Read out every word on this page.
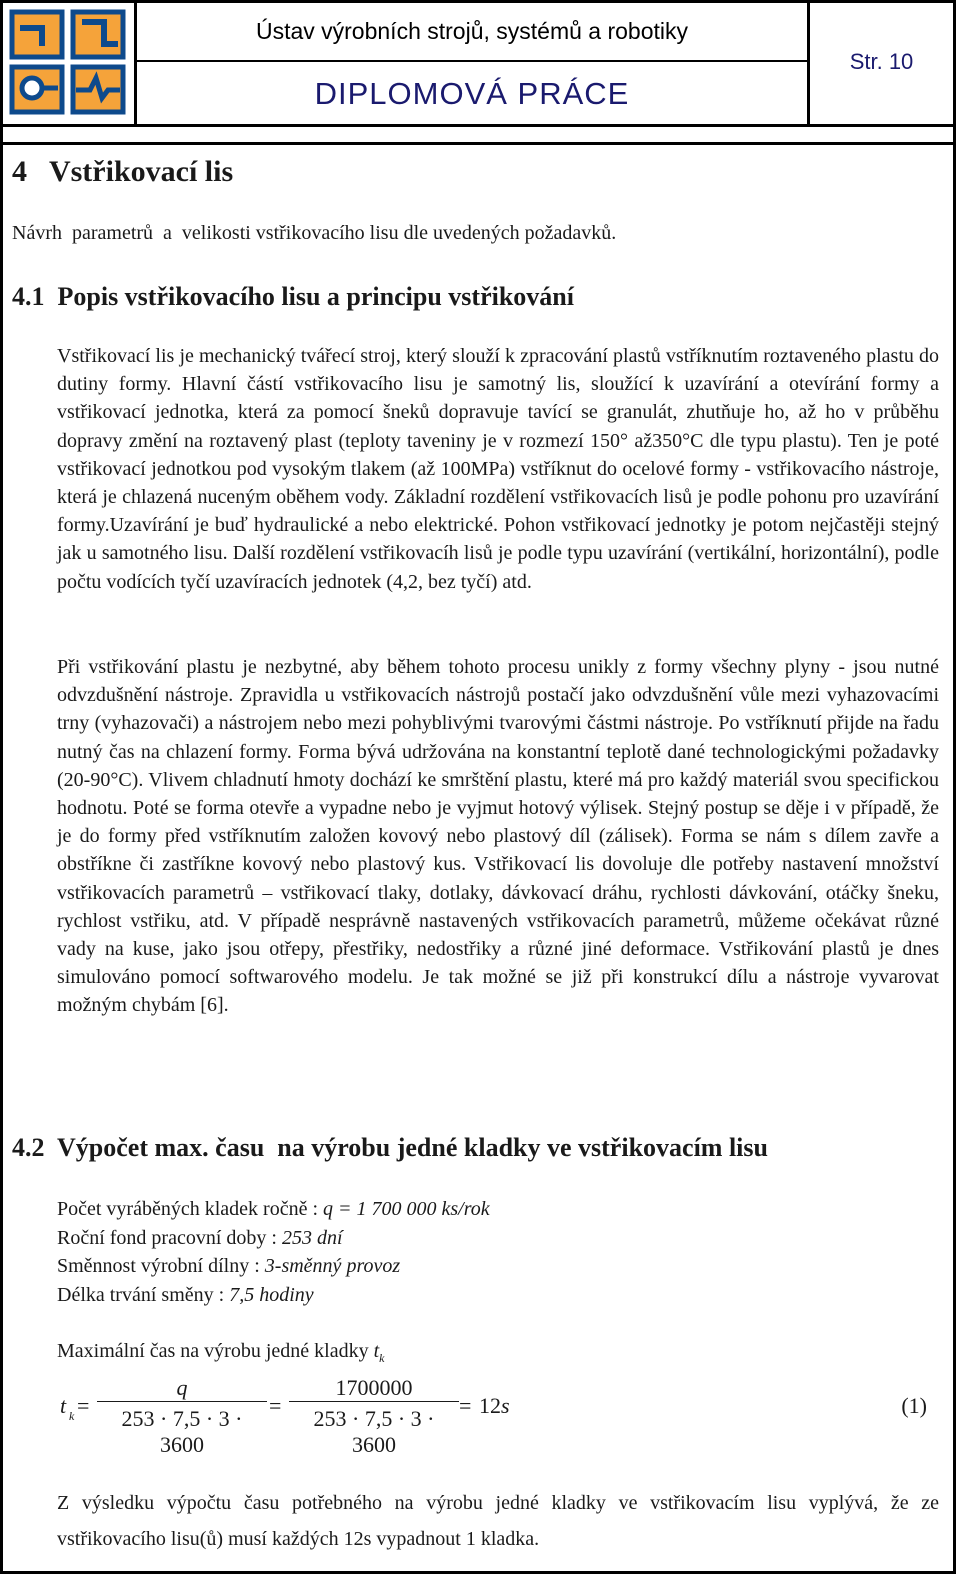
Ústav výrobních strojů, systémů a robotiky
DIPLOMOVÁ PRÁCE
Str. 10
4   Vstřikovací lis
Návrh  parametrů  a  velikosti vstřikovacího lisu dle uvedených požadavků.
4.1  Popis vstřikovacího lisu a principu vstřikování

Vstřikovací lis je mechanický tvářecí stroj, který slouží k zpracování plastů vstříknutím roztaveného plastu do dutiny formy. Hlavní částí vstřikovacího lisu je samotný lis, sloužící k uzavírání a otevírání formy a vstřikovací jednotka, která za pomocí šneků dopravuje tavící se granulát, zhutňuje ho, až ho v průběhu dopravy změní na roztavený plast (teploty taveniny je v rozmezí 150° až350°C dle typu plastu). Ten je poté vstřikovací jednotkou pod vysokým tlakem (až 100MPa) vstříknut do ocelové formy - vstřikovacího nástroje, která je chlazená nuceným oběhem vody. Základní rozdělení vstřikovacích lisů je podle pohonu pro uzavírání formy.Uzavírání je buď hydraulické a nebo elektrické. Pohon vstřikovací jednotky je potom nejčastěji stejný jak u samotného lisu. Další rozdělení vstřikovacíh lisů je podle typu uzavírání (vertikální, horizontální), podle počtu vodících tyčí uzavíracích jednotek (4,2, bez tyčí) atd.

Při vstřikování plastu je nezbytné, aby během tohoto procesu unikly z formy všechny plyny - jsou nutné odvzdušnění nástroje. Zpravidla u vstřikovacích nástrojů postačí jako odvzdušnění vůle mezi vyhazovacími trny (vyhazovači) a nástrojem nebo mezi pohyblivými tvarovými částmi nástroje. Po vstříknutí přijde na řadu nutný čas na chlazení formy. Forma bývá udržována na konstantní teplotě dané technologickými požadavky (20-90°C). Vlivem chladnutí hmoty dochází ke smrštění plastu, které má pro každý materiál svou specifickou hodnotu. Poté se forma otevře a vypadne nebo je vyjmut hotový výlisek. Stejný postup se děje i v případě, že je do formy před vstříknutím založen kovový nebo plastový díl (zálisek). Forma se nám s dílem zavře a obstříkne či zastříkne kovový nebo plastový kus. Vstřikovací lis dovoluje dle potřeby nastavení množství vstřikovacích parametrů – vstřikovací tlaky, dotlaky, dávkovací dráhu, rychlosti dávkování, otáčky šneku, rychlost vstřiku, atd. V případě nesprávně nastavených vstřikovacích parametrů, můžeme očekávat různé vady na kuse, jako jsou otřepy, přestřiky, nedostřiky a různé jiné deformace. Vstřikování plastů je dnes simulováno pomocí softwarového modelu. Je tak možné se již při konstrukcí dílu a nástroje vyvarovat možným chybám [6].

4.2  Výpočet max. času  na výrobu jedné kladky ve vstřikovacím lisu
Počet vyráběných kladek ročně : q = 1 700 000 ks/rok
Roční fond pracovní doby : 253 dní
Směnnost výrobní dílny : 3-směnný provoz
Délka trvání směny : 7,5 hodiny
Maximální čas na výrobu jedné kladky $t_k$
t k =
q
253 · 7,5 · 3 · 3600
=
1700000
253 · 7,5 · 3 · 3600
= 12s	(1)

Z výsledku výpočtu času potřebného na výrobu jedné kladky ve vstřikovacím lisu vyplývá, že ze vstřikovacího lisu(ů) musí každých 12s vypadnout 1 kladka.
